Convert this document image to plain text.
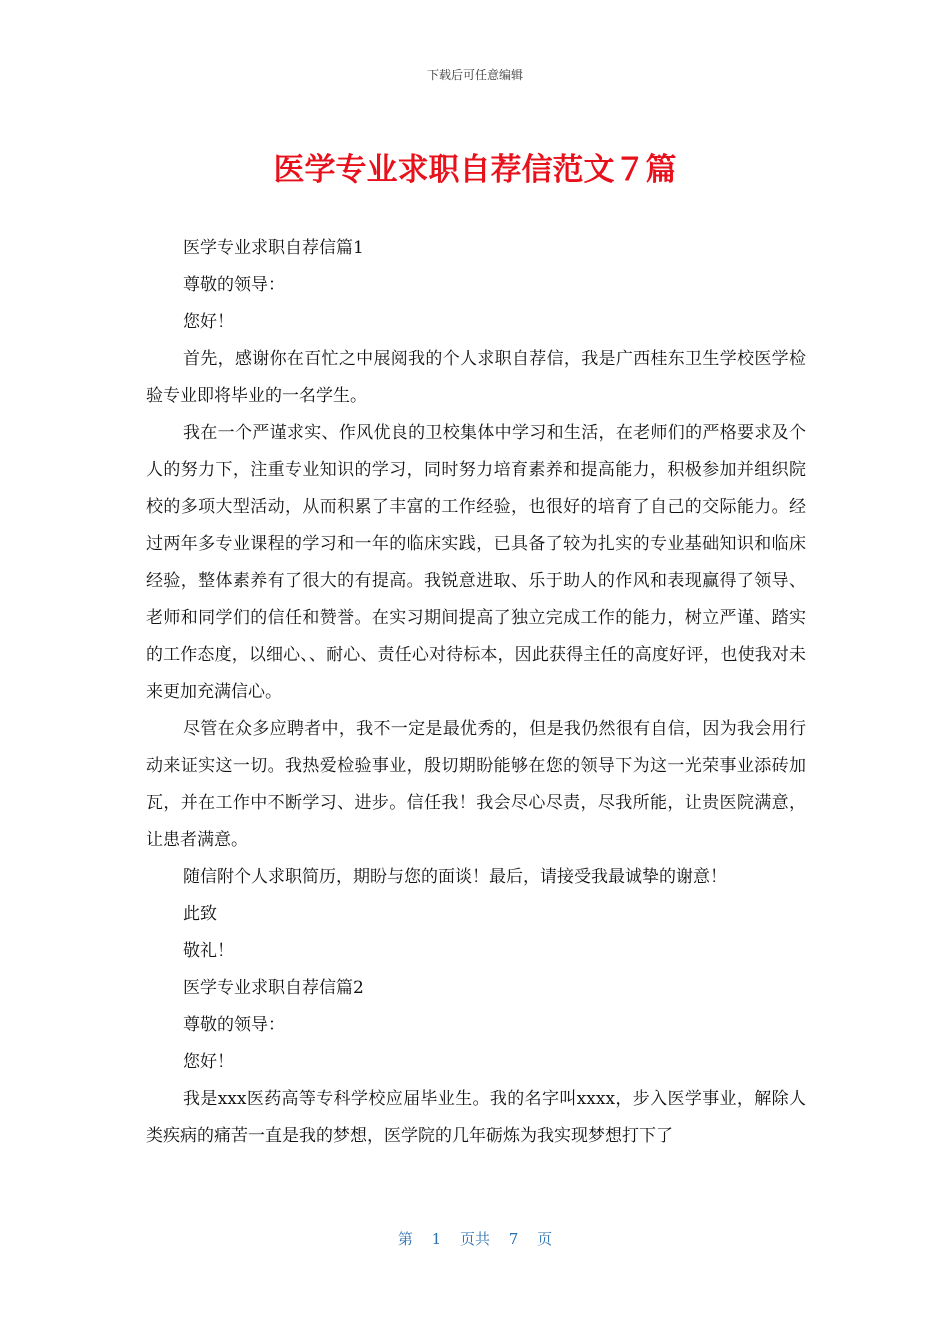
下载后可任意编辑
医学专业求职自荐信范文７篇

医学专业求职自荐信篇1

尊敬的领导：

您好！

首先，感谢你在百忙之中展阅我的个人求职自荐信，我是广西桂东卫生学校医学检验专业即将毕业的一名学生。

我在一个严谨求实、作风优良的卫校集体中学习和生活，在老师们的严格要求及个人的努力下，注重专业知识的学习，同时努力培育素养和提高能力，积极参加并组织院校的多项大型活动，从而积累了丰富的工作经验，也很好的培育了自己的交际能力。经过两年多专业课程的学习和一年的临床实践，已具备了较为扎实的专业基础知识和临床经验，整体素养有了很大的有提高。我锐意进取、乐于助人的作风和表现赢得了领导、老师和同学们的信任和赞誉。在实习期间提高了独立完成工作的能力，树立严谨、踏实的工作态度，以细心、、耐心、责任心对待标本，因此获得主任的高度好评，也使我对未来更加充满信心。

尽管在众多应聘者中，我不一定是最优秀的，但是我仍然很有自信，因为我会用行动来证实这一切。我热爱检验事业，殷切期盼能够在您的领导下为这一光荣事业添砖加瓦，并在工作中不断学习、进步。信任我！我会尽心尽责，尽我所能，让贵医院满意，让患者满意。

随信附个人求职简历，期盼与您的面谈！最后，请接受我最诚挚的谢意！

此致

敬礼！

医学专业求职自荐信篇2

尊敬的领导：

您好！

我是xxx医药高等专科学校应届毕业生。我的名字叫xxxx，步入医学事业，解除人类疾病的痛苦一直是我的梦想，医学院的几年砺炼为我实现梦想打下了

第 1 页共 7 页
